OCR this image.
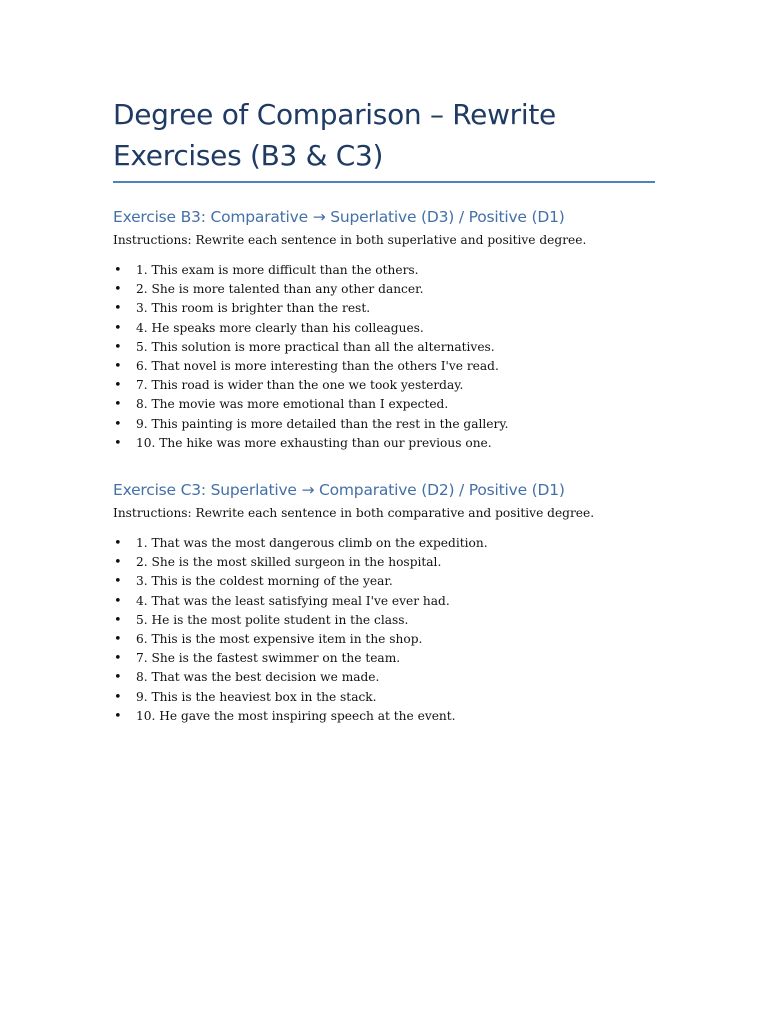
Degree of Comparison – Rewrite Exercises (B3 & C3)
Exercise B3: Comparative → Superlative (D3) / Positive (D1)

Instructions: Rewrite each sentence in both superlative and positive degree.

• 1. This exam is more difficult than the others.
• 2. She is more talented than any other dancer.
• 3. This room is brighter than the rest.
• 4. He speaks more clearly than his colleagues.
• 5. This solution is more practical than all the alternatives.
• 6. That novel is more interesting than the others I've read.
• 7. This road is wider than the one we took yesterday.
• 8. The movie was more emotional than I expected.
• 9. This painting is more detailed than the rest in the gallery.
• 10. The hike was more exhausting than our previous one.
Exercise C3: Superlative → Comparative (D2) / Positive (D1)

Instructions: Rewrite each sentence in both comparative and positive degree.

• 1. That was the most dangerous climb on the expedition.
• 2. She is the most skilled surgeon in the hospital.
• 3. This is the coldest morning of the year.
• 4. That was the least satisfying meal I've ever had.
• 5. He is the most polite student in the class.
• 6. This is the most expensive item in the shop.
• 7. She is the fastest swimmer on the team.
• 8. That was the best decision we made.
• 9. This is the heaviest box in the stack.
• 10. He gave the most inspiring speech at the event.
